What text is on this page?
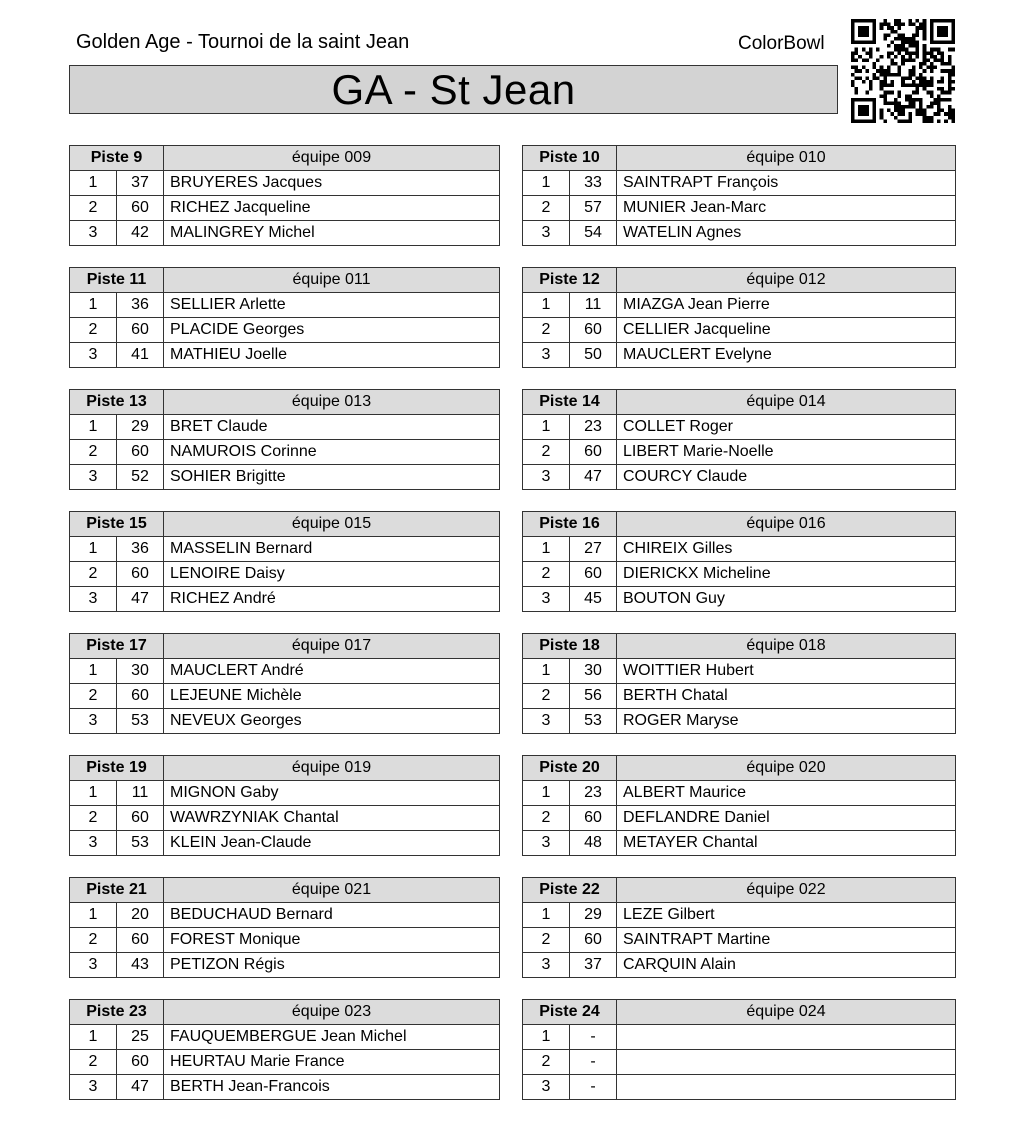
Golden Age - Tournoi de la saint Jean	ColorBowl
GA - St Jean
Piste 9		équipe 009
1	37	BRUYERES Jacques
2	60	RICHEZ Jacqueline
3	42	MALINGREY Michel
Piste 10		équipe 010
1	33	SAINTRAPT François
2	57	MUNIER Jean-Marc
3	54	WATELIN Agnes
Piste 11		équipe 011
1	36	SELLIER Arlette
2	60	PLACIDE Georges
3	41	MATHIEU Joelle
Piste 12		équipe 012
1	11	MIAZGA Jean Pierre
2	60	CELLIER Jacqueline
3	50	MAUCLERT Evelyne
Piste 13		équipe 013
1	29	BRET Claude
2	60	NAMUROIS Corinne
3	52	SOHIER Brigitte
Piste 14		équipe 014
1	23	COLLET Roger
2	60	LIBERT Marie-Noelle
3	47	COURCY Claude
Piste 15		équipe 015
1	36	MASSELIN Bernard
2	60	LENOIRE Daisy
3	47	RICHEZ André
Piste 16		équipe 016
1	27	CHIREIX Gilles
2	60	DIERICKX Micheline
3	45	BOUTON Guy
Piste 17		équipe 017
1	30	MAUCLERT André
2	60	LEJEUNE Michèle
3	53	NEVEUX Georges
Piste 18		équipe 018
1	30	WOITTIER Hubert
2	56	BERTH Chatal
3	53	ROGER Maryse
Piste 19		équipe 019
1	11	MIGNON Gaby
2	60	WAWRZYNIAK Chantal
3	53	KLEIN Jean-Claude
Piste 20		équipe 020
1	23	ALBERT Maurice
2	60	DEFLANDRE Daniel
3	48	METAYER Chantal
Piste 21		équipe 021
1	20	BEDUCHAUD Bernard
2	60	FOREST Monique
3	43	PETIZON Régis
Piste 22		équipe 022
1	29	LEZE Gilbert
2	60	SAINTRAPT Martine
3	37	CARQUIN Alain
Piste 23		équipe 023
1	25	FAUQUEMBERGUE Jean Michel
2	60	HEURTAU Marie France
3	47	BERTH Jean-Francois
Piste 24		équipe 024
1	-	
2	-	
3	-	
